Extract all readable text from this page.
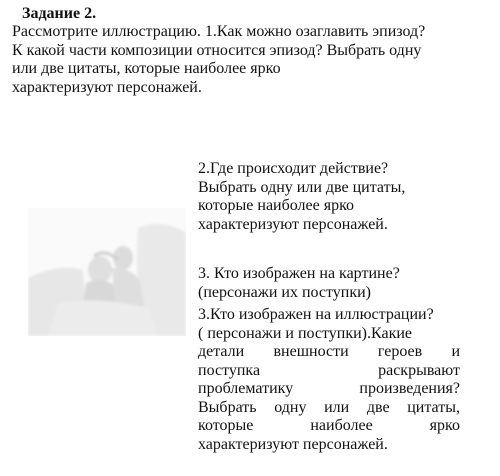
Задание 2.
Рассмотрите иллюстрацию. 1.Как можно озаглавить эпизод?
К какой части композиции относится эпизод? Выбрать одну
или две цитаты, которые наиболее ярко
характеризуют персонажей.
2.Где происходит действие?
Выбрать одну или две цитаты,
которые наиболее ярко
характеризуют персонажей.
3. Кто изображен на картине?
(персонажи их поступки)
3.Кто изображен на иллюстрации?
( персонажи и поступки).Какие
детали внешности героев и
поступка	раскрывают
проблематику	произведения?
Выбрать одну или две цитаты,
которые	наиболее	ярко
характеризуют персонажей.
